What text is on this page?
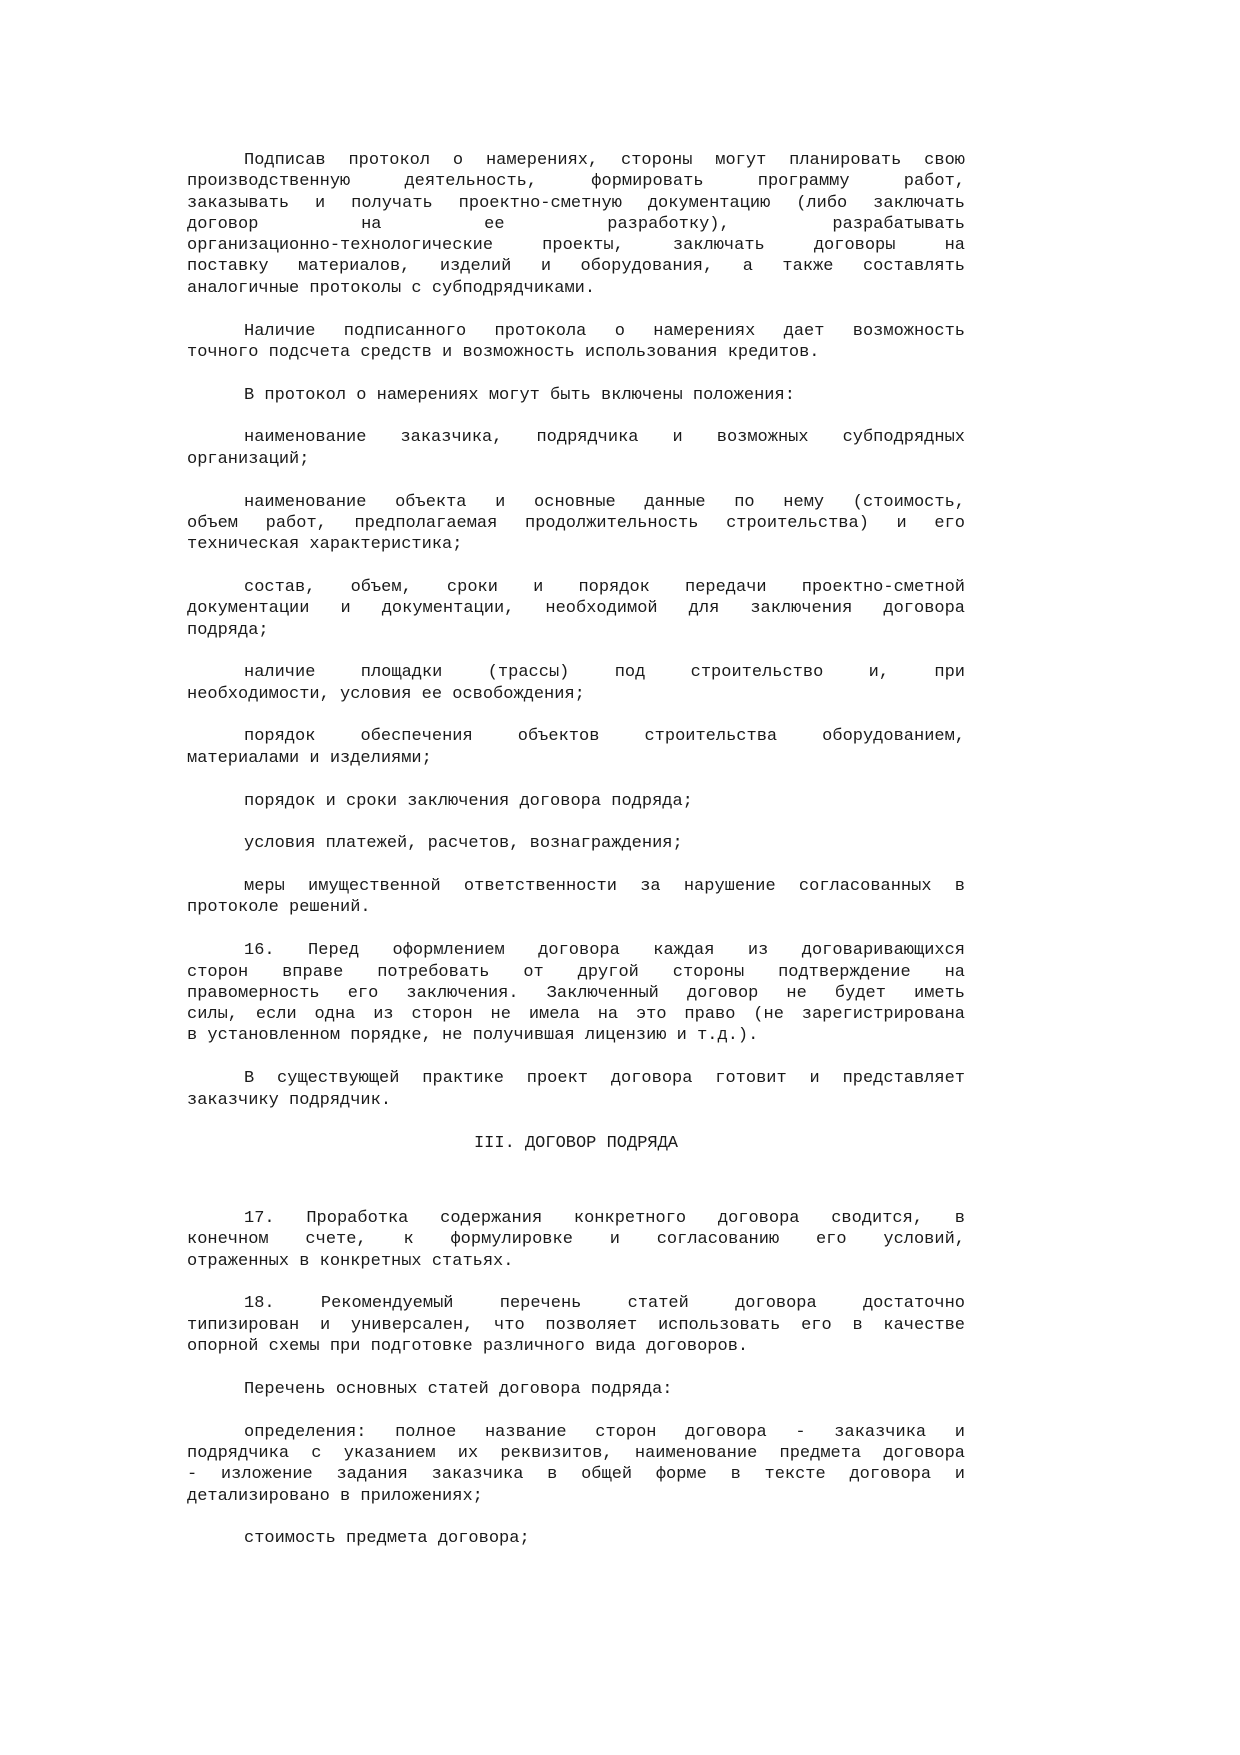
Подписав протокол о намерениях, стороны могут планировать свою
производственную деятельность, формировать программу работ,
заказывать и получать проектно-сметную документацию (либо заключать
договор на ее разработку), разрабатывать
организационно-технологические проекты, заключать договоры на
поставку материалов, изделий и оборудования, а также составлять
аналогичные протоколы с субподрядчиками.
Наличие подписанного протокола о намерениях дает возможность
точного подсчета средств и возможность использования кредитов.
В протокол о намерениях могут быть включены положения:
наименование заказчика, подрядчика и возможных субподрядных
организаций;
наименование объекта и основные данные по нему (стоимость,
объем работ, предполагаемая продолжительность строительства) и его
техническая характеристика;
состав, объем, сроки и порядок передачи проектно-сметной
документации и документации, необходимой для заключения договора
подряда;
наличие площадки (трассы) под строительство и, при
необходимости, условия ее освобождения;
порядок обеспечения объектов строительства оборудованием,
материалами и изделиями;
порядок и сроки заключения договора подряда;
условия платежей, расчетов, вознаграждения;
меры имущественной ответственности за нарушение согласованных в
протоколе решений.
16. Перед оформлением договора каждая из договаривающихся
сторон вправе потребовать от другой стороны подтверждение на
правомерность его заключения. Заключенный договор не будет иметь
силы, если одна из сторон не имела на это право (не зарегистрирована
в установленном порядке, не получившая лицензию и т.д.).
В существующей практике проект договора готовит и представляет
заказчику подрядчик.
III. ДОГОВОР ПОДРЯДА
17. Проработка содержания конкретного договора сводится, в
конечном счете, к формулировке и согласованию его условий,
отраженных в конкретных статьях.
18. Рекомендуемый перечень статей договора достаточно
типизирован и универсален, что позволяет использовать его в качестве
опорной схемы при подготовке различного вида договоров.
Перечень основных статей договора подряда:
определения: полное название сторон договора - заказчика и
подрядчика с указанием их реквизитов, наименование предмета договора
- изложение задания заказчика в общей форме в тексте договора и
детализировано в приложениях;
стоимость предмета договора;
